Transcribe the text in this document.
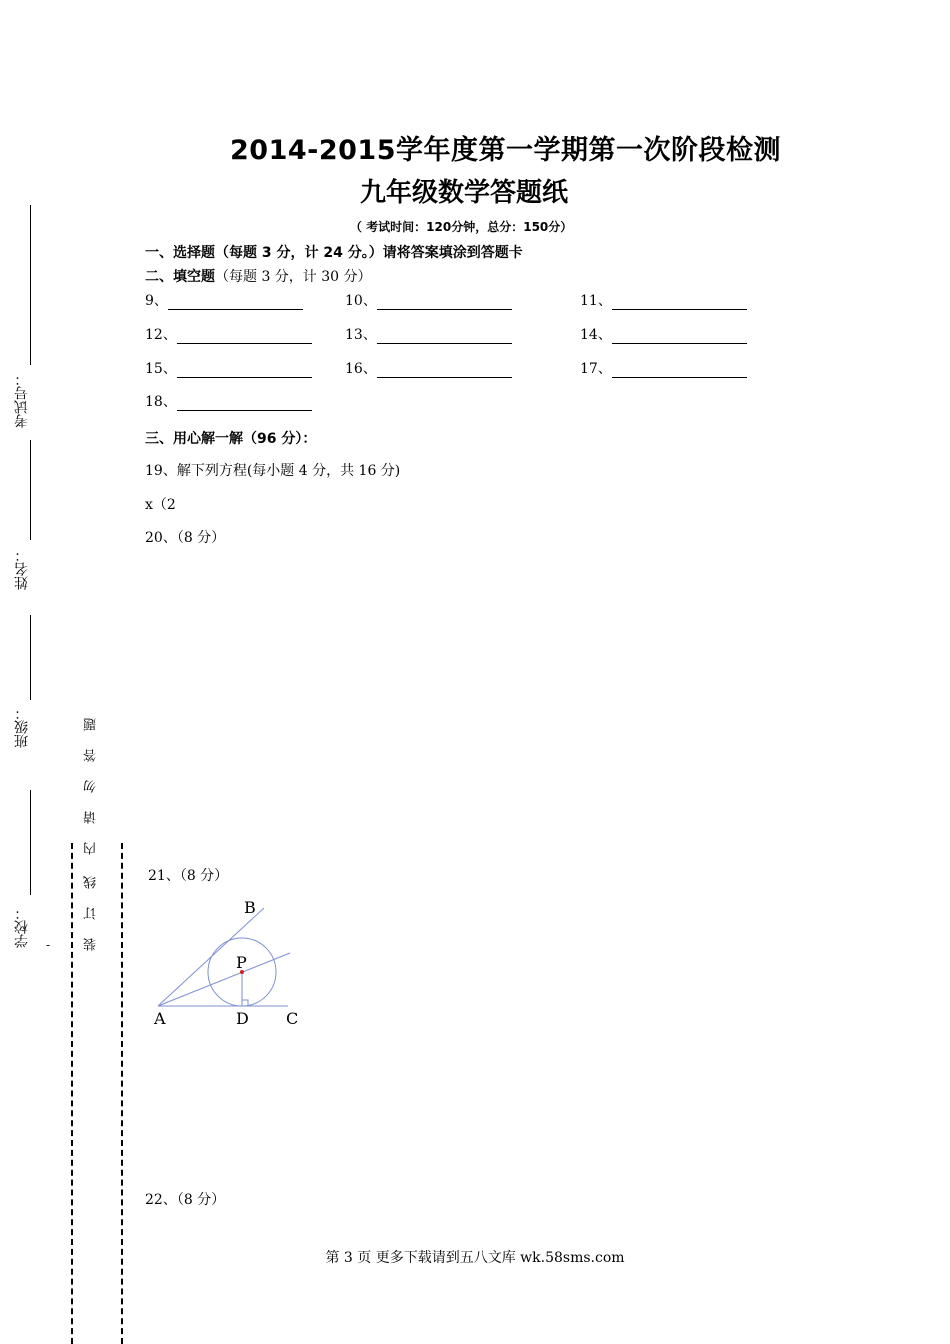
2014-2015学年度第一学期第一次阶段检测
九年级数学答题纸
（ 考试时间：120分钟，总分：150分）
一、选择题（每题 3 分，计 24 分。）请将答案填涂到答题卡
二、填空题（每题 3 分，计 30 分）
9、	10、	11、
12、	13、	14、
15、	16、	17、
18、
三、用心解一解（96 分）：
19、解下列方程(每小题 4 分，共 16 分)
x（2
20、（8 分）
21、（8 分）
B
P
A	D C
22、（8 分）
考试号：
姓名：
班级：
学校： -
内请勿答题
装订线
第 3 页 更多下载请到五八文库 wk.58sms.com
